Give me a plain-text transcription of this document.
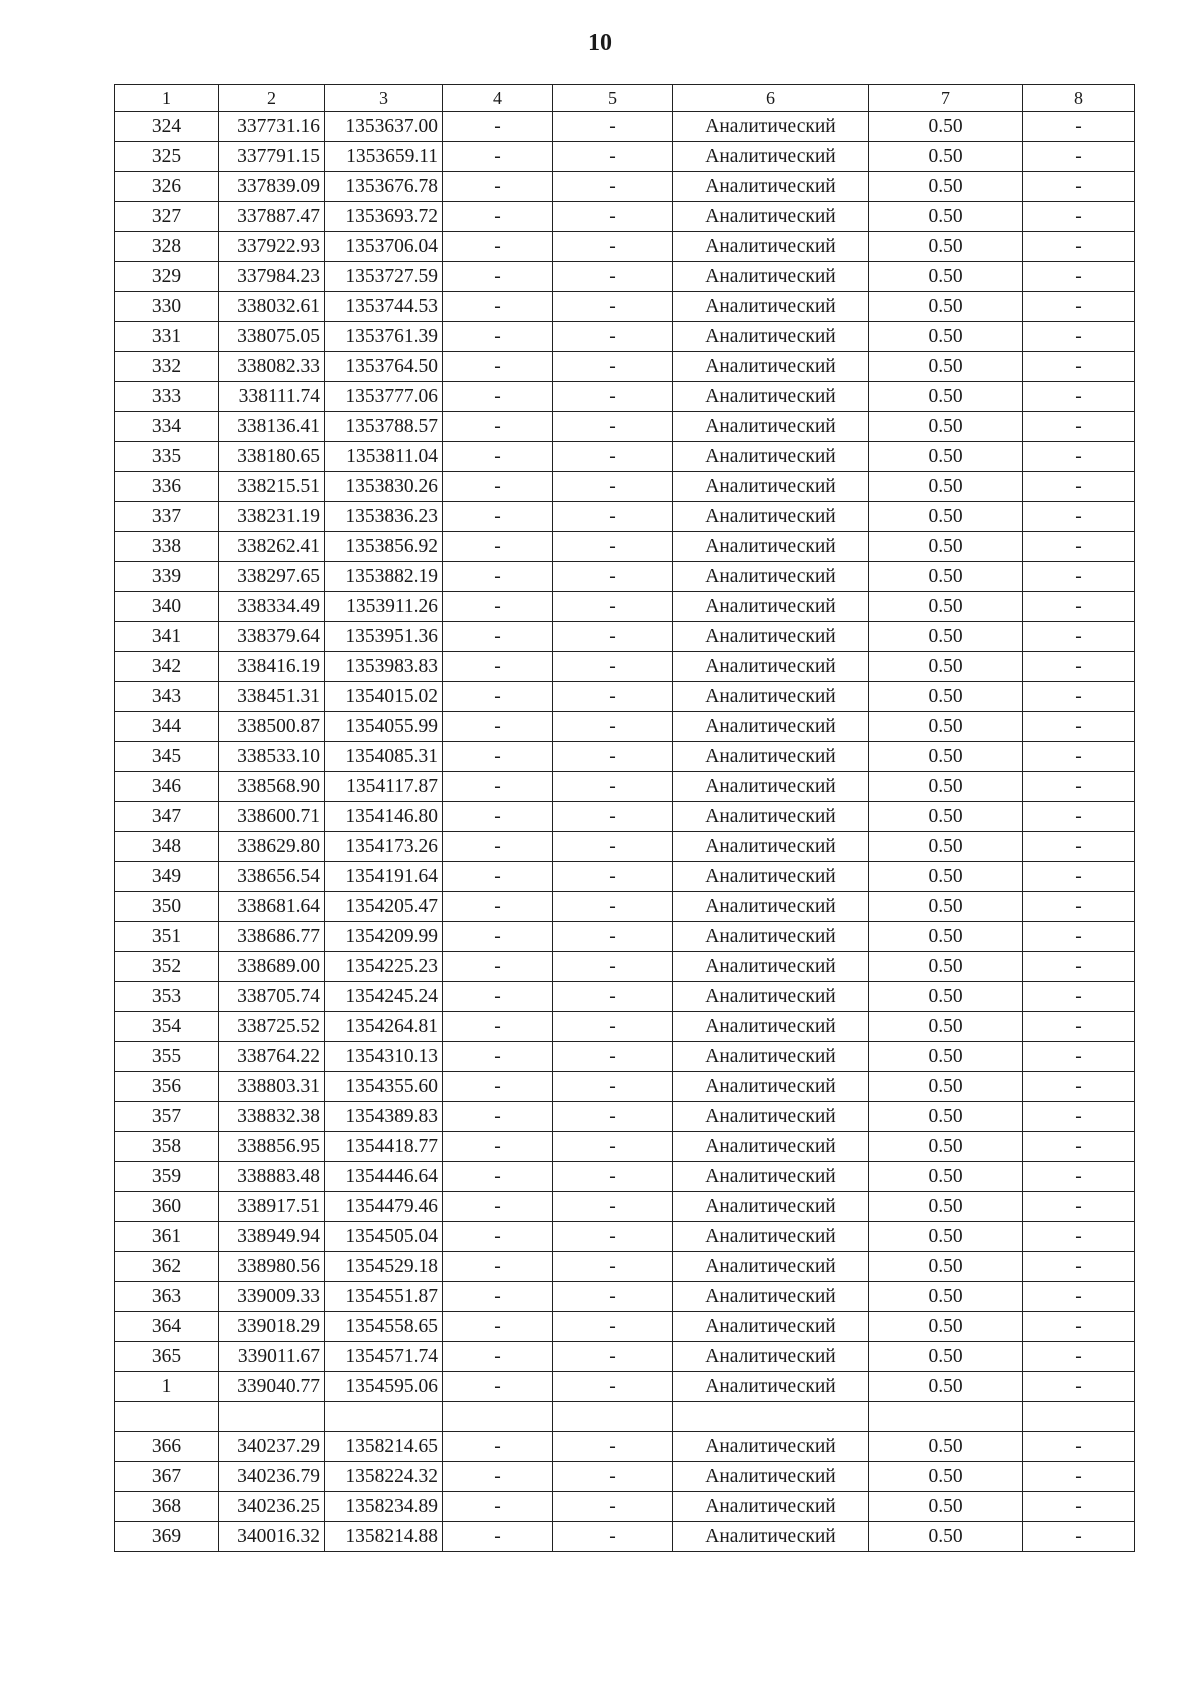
10
1	2	3	4	5	6	7	8
324	337731.16	1353637.00	-	-	Аналитический	0.50	-
325	337791.15	1353659.11	-	-	Аналитический	0.50	-
326	337839.09	1353676.78	-	-	Аналитический	0.50	-
327	337887.47	1353693.72	-	-	Аналитический	0.50	-
328	337922.93	1353706.04	-	-	Аналитический	0.50	-
329	337984.23	1353727.59	-	-	Аналитический	0.50	-
330	338032.61	1353744.53	-	-	Аналитический	0.50	-
331	338075.05	1353761.39	-	-	Аналитический	0.50	-
332	338082.33	1353764.50	-	-	Аналитический	0.50	-
333	338111.74	1353777.06	-	-	Аналитический	0.50	-
334	338136.41	1353788.57	-	-	Аналитический	0.50	-
335	338180.65	1353811.04	-	-	Аналитический	0.50	-
336	338215.51	1353830.26	-	-	Аналитический	0.50	-
337	338231.19	1353836.23	-	-	Аналитический	0.50	-
338	338262.41	1353856.92	-	-	Аналитический	0.50	-
339	338297.65	1353882.19	-	-	Аналитический	0.50	-
340	338334.49	1353911.26	-	-	Аналитический	0.50	-
341	338379.64	1353951.36	-	-	Аналитический	0.50	-
342	338416.19	1353983.83	-	-	Аналитический	0.50	-
343	338451.31	1354015.02	-	-	Аналитический	0.50	-
344	338500.87	1354055.99	-	-	Аналитический	0.50	-
345	338533.10	1354085.31	-	-	Аналитический	0.50	-
346	338568.90	1354117.87	-	-	Аналитический	0.50	-
347	338600.71	1354146.80	-	-	Аналитический	0.50	-
348	338629.80	1354173.26	-	-	Аналитический	0.50	-
349	338656.54	1354191.64	-	-	Аналитический	0.50	-
350	338681.64	1354205.47	-	-	Аналитический	0.50	-
351	338686.77	1354209.99	-	-	Аналитический	0.50	-
352	338689.00	1354225.23	-	-	Аналитический	0.50	-
353	338705.74	1354245.24	-	-	Аналитический	0.50	-
354	338725.52	1354264.81	-	-	Аналитический	0.50	-
355	338764.22	1354310.13	-	-	Аналитический	0.50	-
356	338803.31	1354355.60	-	-	Аналитический	0.50	-
357	338832.38	1354389.83	-	-	Аналитический	0.50	-
358	338856.95	1354418.77	-	-	Аналитический	0.50	-
359	338883.48	1354446.64	-	-	Аналитический	0.50	-
360	338917.51	1354479.46	-	-	Аналитический	0.50	-
361	338949.94	1354505.04	-	-	Аналитический	0.50	-
362	338980.56	1354529.18	-	-	Аналитический	0.50	-
363	339009.33	1354551.87	-	-	Аналитический	0.50	-
364	339018.29	1354558.65	-	-	Аналитический	0.50	-
365	339011.67	1354571.74	-	-	Аналитический	0.50	-
1	339040.77	1354595.06	-	-	Аналитический	0.50	-

366	340237.29	1358214.65	-	-	Аналитический	0.50	-
367	340236.79	1358224.32	-	-	Аналитический	0.50	-
368	340236.25	1358234.89	-	-	Аналитический	0.50	-
369	340016.32	1358214.88	-	-	Аналитический	0.50	-
